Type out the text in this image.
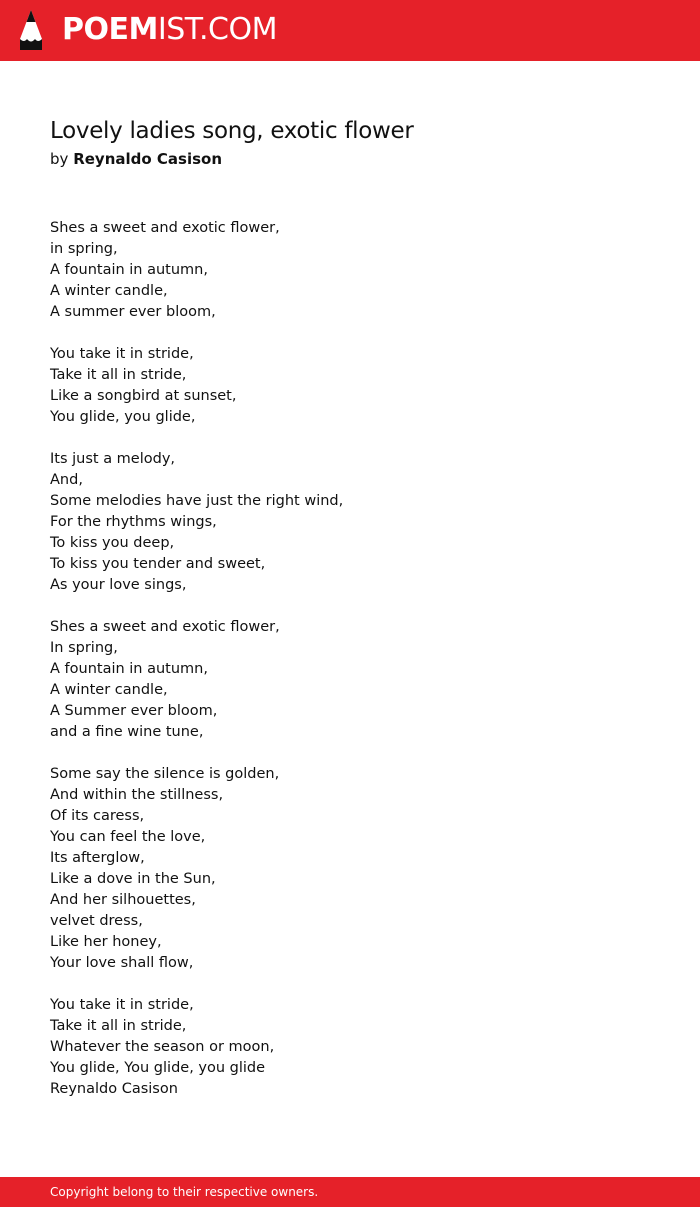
POEMIST.COM
Lovely ladies song, exotic flower
by Reynaldo Casison
Shes a sweet and exotic flower,
in spring,
A fountain in autumn,
A winter candle,
A summer ever bloom,
You take it in stride,
Take it all in stride,
Like a songbird at sunset,
You glide, you glide,
Its just a melody,
And,
Some melodies have just the right wind,
For the rhythms wings,
To kiss you deep,
To kiss you tender and sweet,
As your love sings,
Shes a sweet and exotic flower,
In spring,
A fountain in autumn,
A winter candle,
A Summer ever bloom,
and a fine wine tune,
Some say the silence is golden,
And within the stillness,
Of its caress,
You can feel the love,
Its afterglow,
Like a dove in the Sun,
And her silhouettes,
velvet dress,
Like her honey,
Your love shall flow,
You take it in stride,
Take it all in stride,
Whatever the season or moon,
You glide, You glide, you glide
Reynaldo Casison
Copyright belong to their respective owners.
